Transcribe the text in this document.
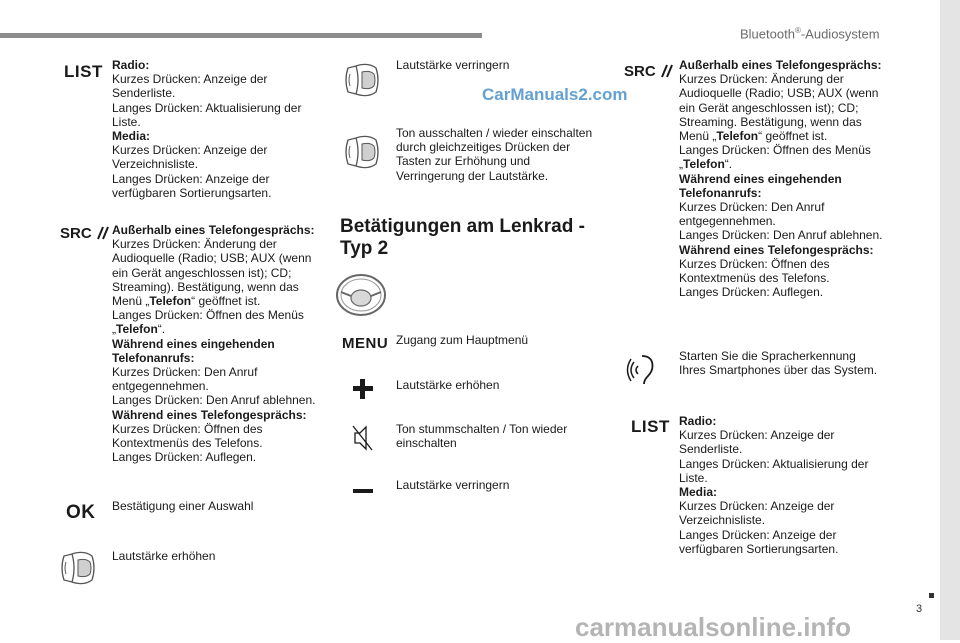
Bluetooth®-Audiosystem
3
CarManuals2.com
carmanualsonline.info
LIST Radio:
Kurzes Drücken: Anzeige der Senderliste.
Langes Drücken: Aktualisierung der Liste.
Media:
Kurzes Drücken: Anzeige der Verzeichnisliste.
Langes Drücken: Anzeige der verfügbaren Sortierungsarten.
SRC Außerhalb eines Telefongesprächs:
Kurzes Drücken: Änderung der Audioquelle (Radio; USB; AUX (wenn ein Gerät angeschlossen ist); CD; Streaming). Bestätigung, wenn das Menü „Telefon“ geöffnet ist.
Langes Drücken: Öffnen des Menüs „Telefon“.
Während eines eingehenden Telefonanrufs:
Kurzes Drücken: Den Anruf entgegennehmen.
Langes Drücken: Den Anruf ablehnen.
Während eines Telefongesprächs:
Kurzes Drücken: Öffnen des Kontextmenüs des Telefons.
Langes Drücken: Auflegen.
OK Bestätigung einer Auswahl
Lautstärke erhöhen
Lautstärke verringern
Ton ausschalten / wieder einschalten durch gleichzeitiges Drücken der Tasten zur Erhöhung und Verringerung der Lautstärke.
Betätigungen am Lenkrad - Typ 2
MENU Zugang zum Hauptmenü
Lautstärke erhöhen
Ton stummschalten / Ton wieder einschalten
Lautstärke verringern
SRC Außerhalb eines Telefongesprächs:
Kurzes Drücken: Änderung der Audioquelle (Radio; USB; AUX (wenn ein Gerät angeschlossen ist); CD; Streaming. Bestätigung, wenn das Menü „Telefon“ geöffnet ist.
Langes Drücken: Öffnen des Menüs „Telefon“.
Während eines eingehenden Telefonanrufs:
Kurzes Drücken: Den Anruf entgegennehmen.
Langes Drücken: Den Anruf ablehnen.
Während eines Telefongesprächs:
Kurzes Drücken: Öffnen des Kontextmenüs des Telefons.
Langes Drücken: Auflegen.
Starten Sie die Spracherkennung Ihres Smartphones über das System.
LIST Radio:
Kurzes Drücken: Anzeige der Senderliste.
Langes Drücken: Aktualisierung der Liste.
Media:
Kurzes Drücken: Anzeige der Verzeichnisliste.
Langes Drücken: Anzeige der verfügbaren Sortierungsarten.
